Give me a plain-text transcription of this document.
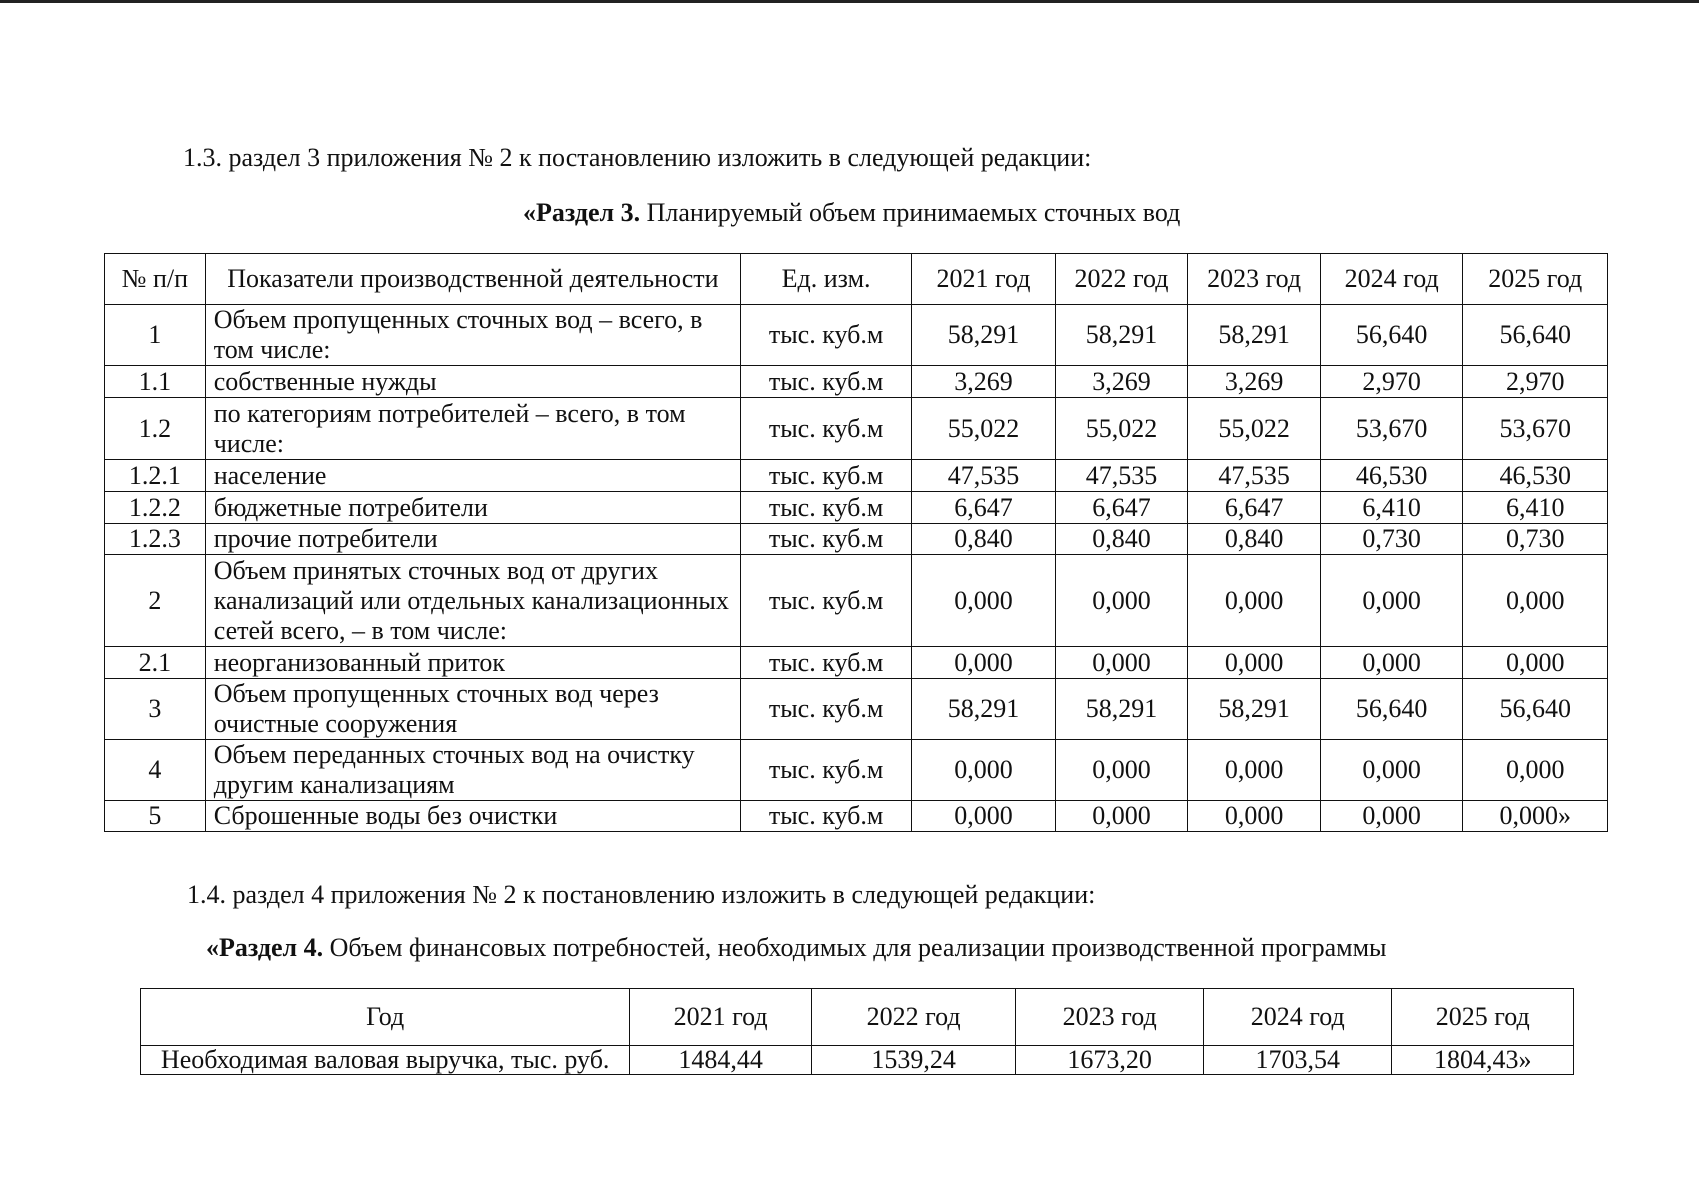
1.3. раздел 3 приложения № 2 к постановлению изложить в следующей редакции:
«Раздел 3. Планируемый объем принимаемых сточных вод
№ п/п	Показатели производственной деятельности	Ед. изм.	2021 год	2022 год	2023 год	2024 год	2025 год
1	Объем пропущенных сточных вод – всего, в том числе:	тыс. куб.м	58,291	58,291	58,291	56,640	56,640
1.1	собственные нужды	тыс. куб.м	3,269	3,269	3,269	2,970	2,970
1.2	по категориям потребителей – всего, в том числе:	тыс. куб.м	55,022	55,022	55,022	53,670	53,670
1.2.1	население	тыс. куб.м	47,535	47,535	47,535	46,530	46,530
1.2.2	бюджетные потребители	тыс. куб.м	6,647	6,647	6,647	6,410	6,410
1.2.3	прочие потребители	тыс. куб.м	0,840	0,840	0,840	0,730	0,730
2	Объем принятых сточных вод от других канализаций или отдельных канализационных сетей всего, – в том числе:	тыс. куб.м	0,000	0,000	0,000	0,000	0,000
2.1	неорганизованный приток	тыс. куб.м	0,000	0,000	0,000	0,000	0,000
3	Объем пропущенных сточных вод через очистные сооружения	тыс. куб.м	58,291	58,291	58,291	56,640	56,640
4	Объем переданных сточных вод на очистку другим канализациям	тыс. куб.м	0,000	0,000	0,000	0,000	0,000
5	Сброшенные воды без очистки	тыс. куб.м	0,000	0,000	0,000	0,000	0,000»
1.4. раздел 4 приложения № 2 к постановлению изложить в следующей редакции:
«Раздел 4. Объем финансовых потребностей, необходимых для реализации производственной программы
Год	2021 год	2022 год	2023 год	2024 год	2025 год
Необходимая валовая выручка, тыс. руб.	1484,44	1539,24	1673,20	1703,54	1804,43»
